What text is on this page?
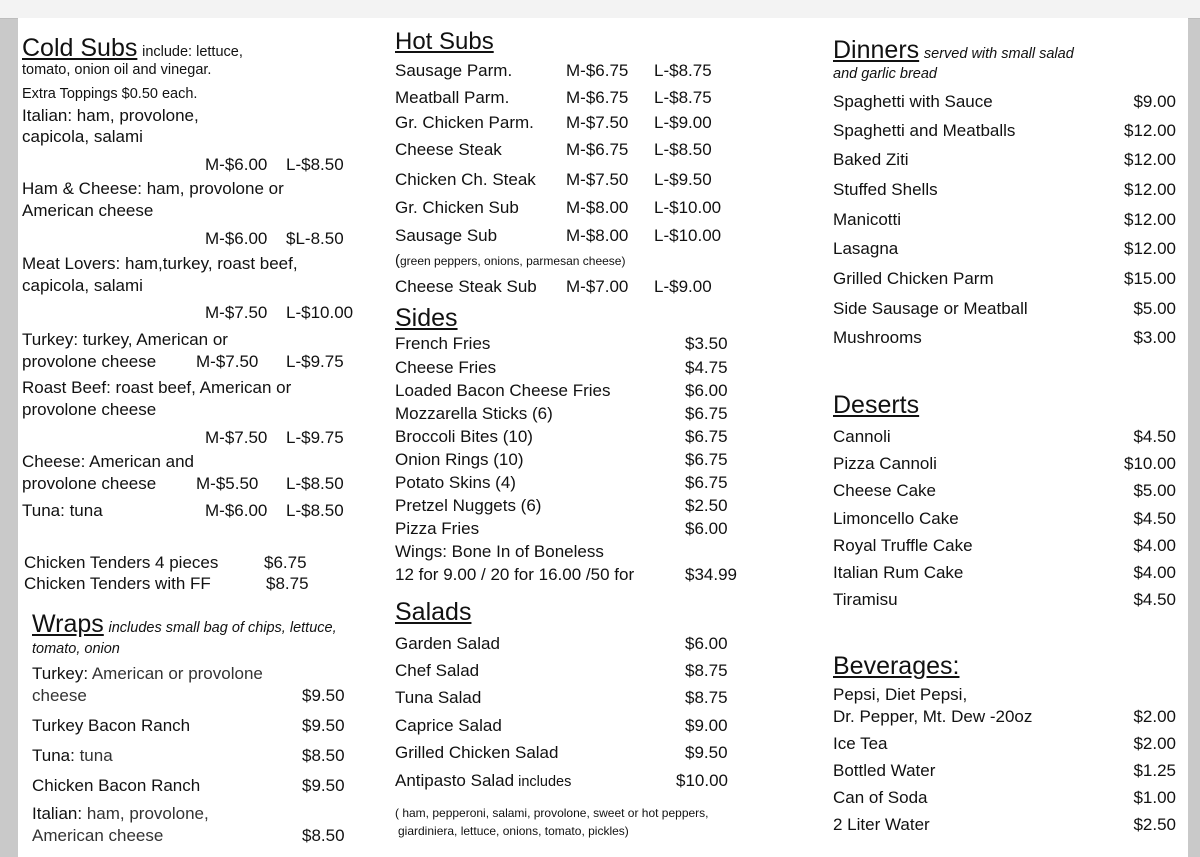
Cold Subs include: lettuce,
tomato, onion oil and vinegar.
Extra Toppings $0.50 each.
Italian: ham, provolone,
capicola, salami
M-$6.00 L-$8.50
Ham & Cheese: ham, provolone or
American cheese
M-$6.00 $L-8.50
Meat Lovers: ham,turkey, roast beef,
capicola, salami
M-$7.50 L-$10.00
Turkey: turkey, American or
provolone cheese M-$7.50 L-$9.75
Roast Beef: roast beef, American or
provolone cheese
M-$7.50 L-$9.75
Cheese: American and
provolone cheese M-$5.50 L-$8.50
Tuna: tuna	M-$6.00 L-$8.50
Chicken Tenders 4 pieces	$6.75
Chicken Tenders with FF	$8.75
Wraps includes small bag of chips, lettuce,
tomato, onion
Turkey: American or provolone
cheese	$9.50
Turkey Bacon Ranch	$9.50
Tuna: tuna	$8.50
Chicken Bacon Ranch	$9.50
Italian: ham, provolone,
American cheese	$8.50
Hot Subs
Sausage Parm.	M-$6.75 L-$8.75
Meatball Parm.	M-$6.75 L-$8.75
Gr. Chicken Parm. M-$7.50 L-$9.00
Cheese Steak	M-$6.75 L-$8.50
Chicken Ch. Steak M-$7.50 L-$9.50
Gr. Chicken Sub	M-$8.00 L-$10.00
Sausage Sub	M-$8.00 L-$10.00
(green peppers, onions, parmesan cheese)
Cheese Steak Sub M-$7.00 L-$9.00
Sides
French Fries	$3.50
Cheese Fries	$4.75
Loaded Bacon Cheese Fries	$6.00
Mozzarella Sticks (6)	$6.75
Broccoli Bites (10)	$6.75
Onion Rings (10)	$6.75
Potato Skins (4)	$6.75
Pretzel Nuggets (6)	$2.50
Pizza Fries	$6.00
Wings: Bone In of Boneless
12 for 9.00 / 20 for 16.00 /50 for	$34.99
Salads
Garden Salad	$6.00
Chef Salad	$8.75
Tuna Salad	$8.75
Caprice Salad	$9.00
Grilled Chicken Salad	$9.50
Antipasto Salad includes	$10.00
( ham, pepperoni, salami, provolone, sweet or hot peppers,
giardiniera, lettuce, onions, tomato, pickles)
Dinners served with small salad
and garlic bread
Spaghetti with Sauce	$9.00
Spaghetti and Meatballs	$12.00
Baked Ziti	$12.00
Stuffed Shells	$12.00
Manicotti	$12.00
Lasagna	$12.00
Grilled Chicken Parm	$15.00
Side Sausage or Meatball	$5.00
Mushrooms	$3.00
Deserts
Cannoli	$4.50
Pizza Cannoli	$10.00
Cheese Cake	$5.00
Limoncello Cake	$4.50
Royal Truffle Cake	$4.00
Italian Rum Cake	$4.00
Tiramisu	$4.50
Beverages:
Pepsi, Diet Pepsi,
Dr. Pepper, Mt. Dew -20oz	$2.00
Ice Tea	$2.00
Bottled Water	$1.25
Can of Soda	$1.00
2 Liter Water	$2.50
